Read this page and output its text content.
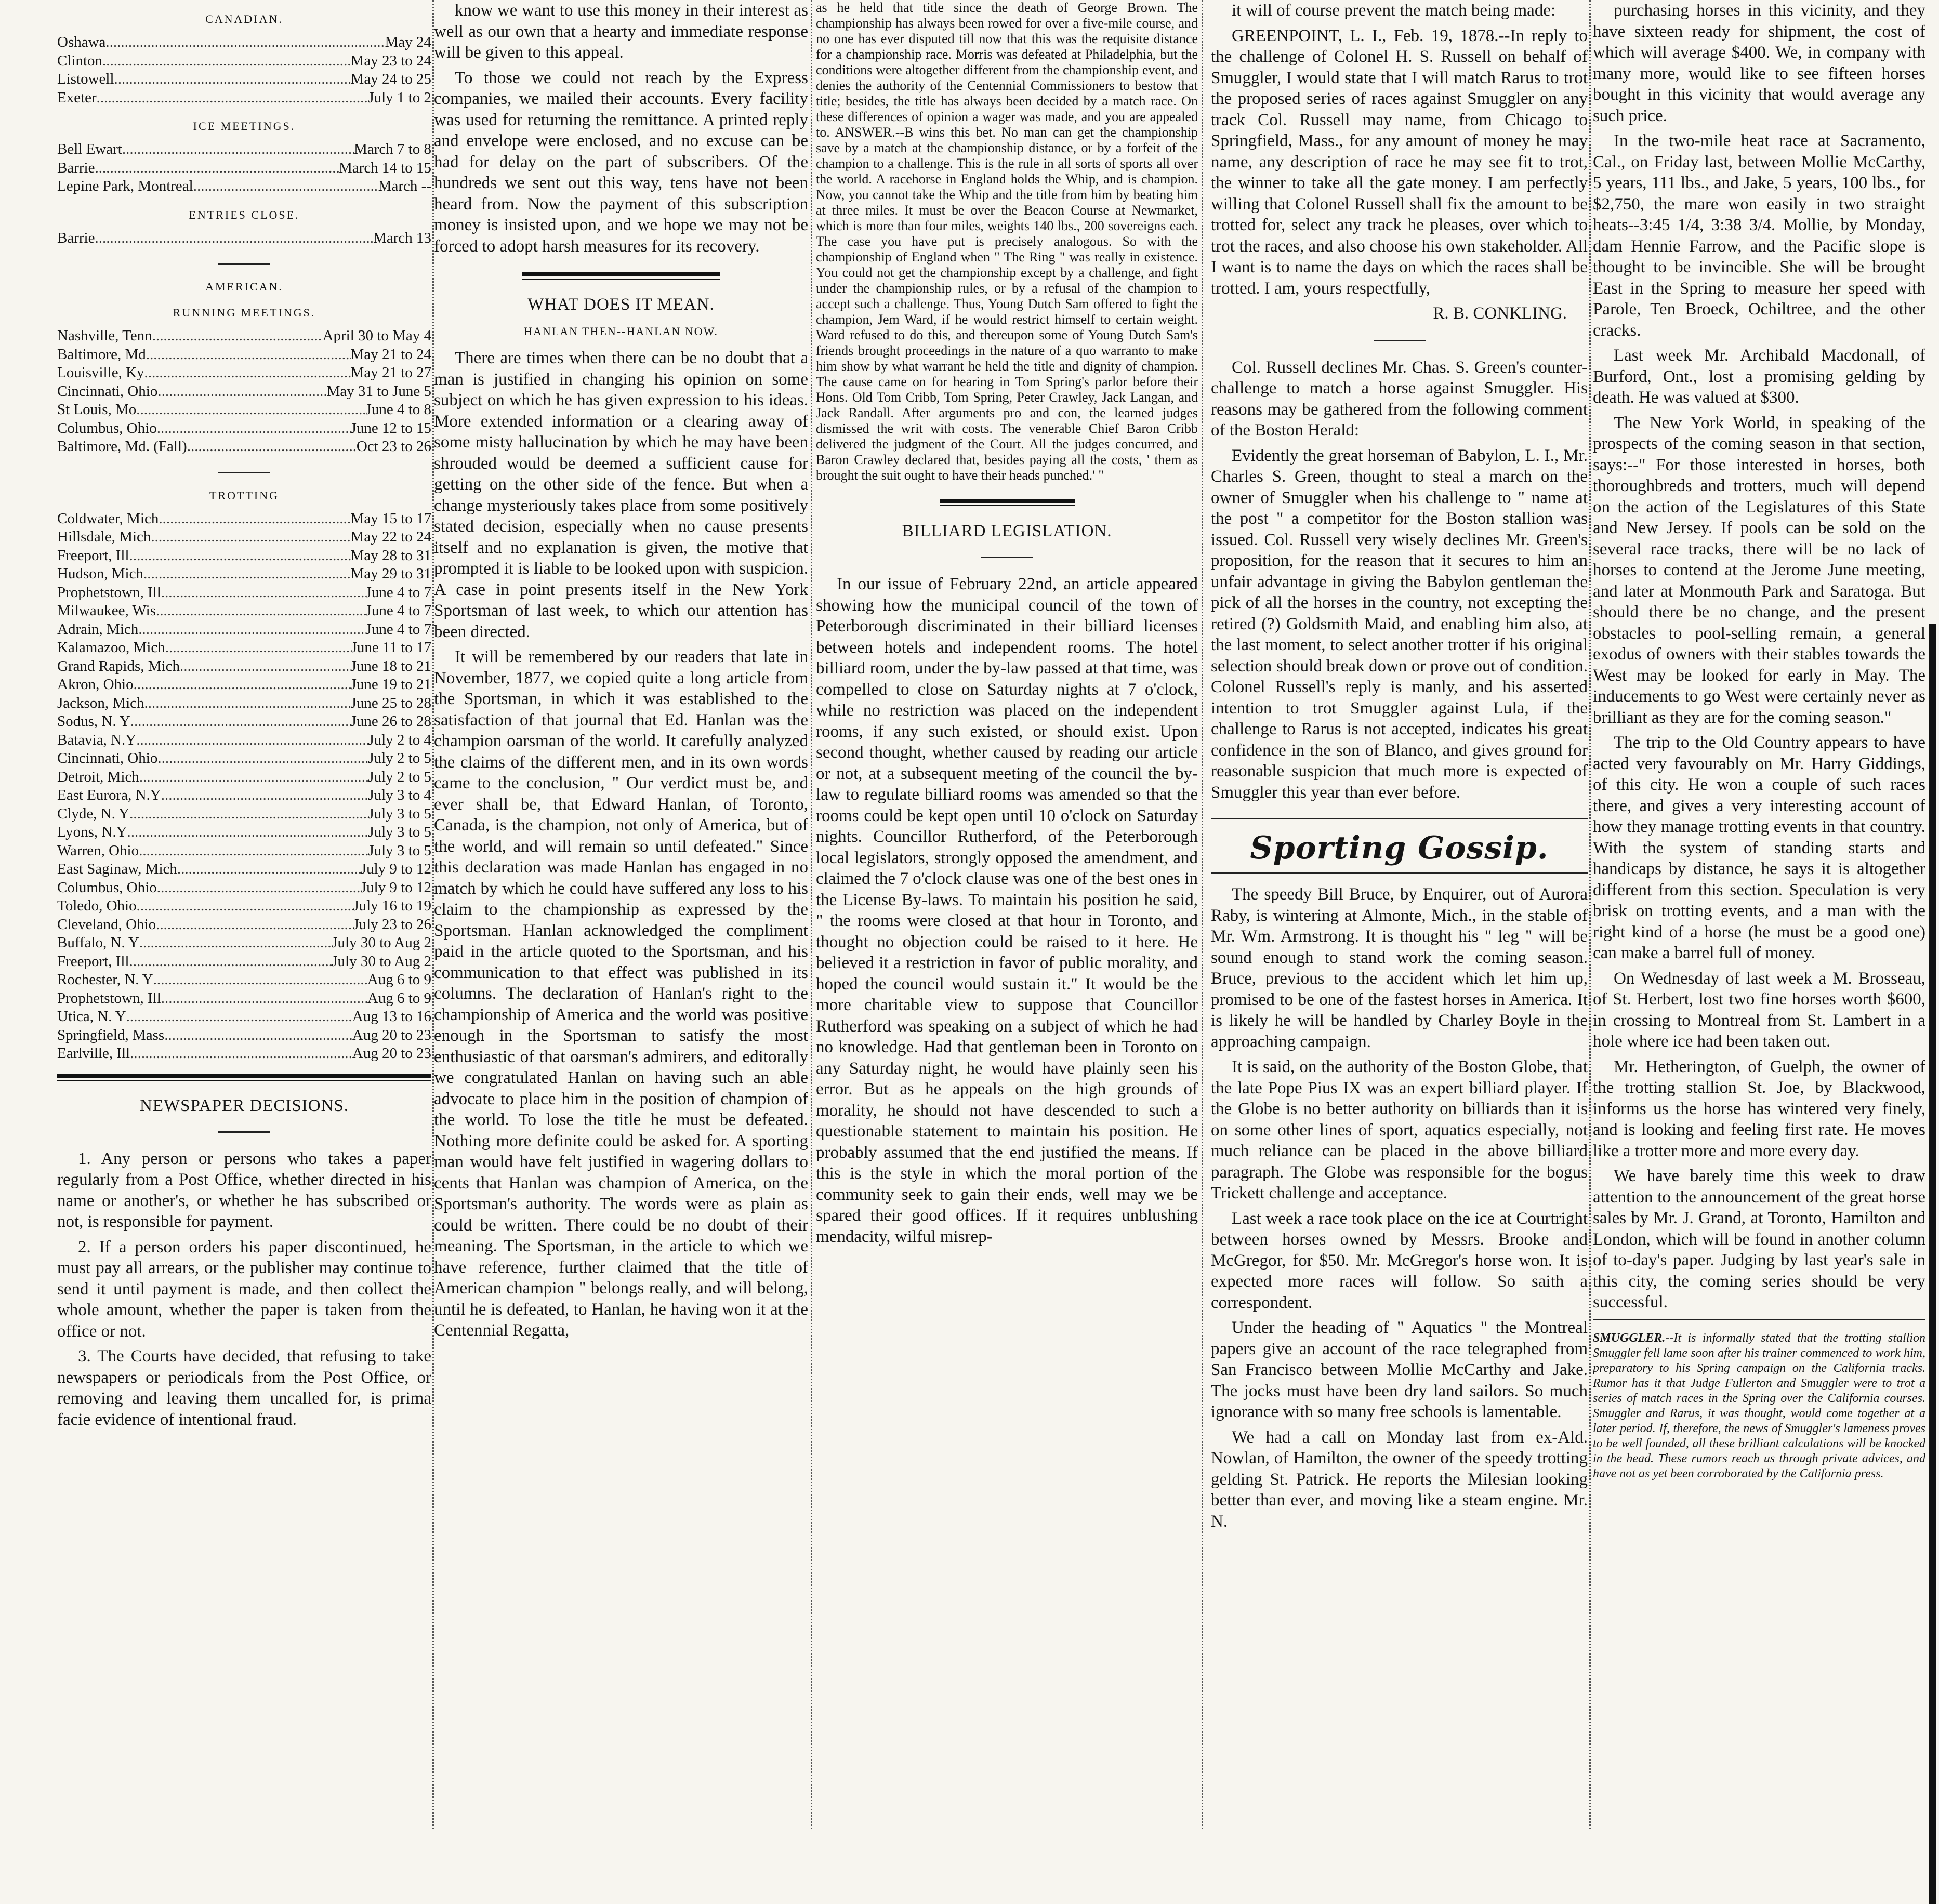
CANADIAN.
Oshawa .....	May 24
Clinton .....	May 23 to 24
Listowell .....	May 24 to 25
Exeter .....	July 1 to 2
ICE MEETINGS.
Bell Ewart .....	March 7 to 8
Barrie .....	March 14 to 15
Lepine Park, Montreal .....	March --
ENTRIES CLOSE.
Barrie .....	March 13
AMERICAN.
RUNNING MEETINGS.
Nashville, Tenn .....	April 30 to May 4
Baltimore, Md .....	May 21 to 24
Louisville, Ky .....	May 21 to 27
Cincinnati, Ohio .....	May 31 to June 5
St Louis, Mo .....	June 4 to 8
Columbus, Ohio .....	June 12 to 15
Baltimore, Md. (Fall) .....	Oct 23 to 26
TROTTING
Coldwater, Mich .....	May 15 to 17
Hillsdale, Mich .....	May 22 to 24
Freeport, Ill .....	May 28 to 31
Hudson, Mich .....	May 29 to 31
Prophetstown, Ill .....	June 4 to 7
Milwaukee, Wis .....	June 4 to 7
Adrain, Mich .....	June 4 to 7
Kalamazoo, Mich .....	June 11 to 17
Grand Rapids, Mich .....	June 18 to 21
Akron, Ohio .....	June 19 to 21
Jackson, Mich .....	June 25 to 28
Sodus, N. Y .....	June 26 to 28
Batavia, N.Y .....	July 2 to 4
Cincinnati, Ohio .....	July 2 to 5
Detroit, Mich .....	July 2 to 5
East Eurora, N.Y .....	July 3 to 4
Clyde, N. Y .....	July 3 to 5
Lyons, N.Y .....	July 3 to 5
Warren, Ohio .....	July 3 to 5
East Saginaw, Mich .....	July 9 to 12
Columbus, Ohio .....	July 9 to 12
Toledo, Ohio .....	July 16 to 19
Cleveland, Ohio .....	July 23 to 26
Buffalo, N. Y .....	July 30 to Aug 2
Freeport, Ill .....	July 30 to Aug 2
Rochester, N. Y .....	Aug 6 to 9
Prophetstown, Ill .....	Aug 6 to 9
Utica, N. Y .....	Aug 13 to 16
Springfield, Mass .....	Aug 20 to 23
Earlville, Ill .....	Aug 20 to 23
NEWSPAPER DECISIONS.

1. Any person or persons who takes a paper regularly from a Post Office, whether directed in his name or another's, or whether he has subscribed or not, is responsible for payment.

2. If a person orders his paper discontinued, he must pay all arrears, or the publisher may continue to send it until payment is made, and then collect the whole amount, whether the paper is taken from the office or not.

3. The Courts have decided, that refusing to take newspapers or periodicals from the Post Office, or removing and leaving them uncalled for, is prima facie evidence of intentional fraud.

know we want to use this money in their interest as well as our own that a hearty and immediate response will be given to this appeal.

To those we could not reach by the Express companies, we mailed their accounts. Every facility was used for returning the remittance. A printed reply and envelope were enclosed, and no excuse can be had for delay on the part of subscribers. Of the hundreds we sent out this way, tens have not been heard from. Now the payment of this subscription money is insisted upon, and we hope we may not be forced to adopt harsh measures for its recovery.

WHAT DOES IT MEAN.
HANLAN THEN--HANLAN NOW.

There are times when there can be no doubt that a man is justified in changing his opinion on some subject on which he has given expression to his ideas. More extended information or a clearing away of some misty hallucination by which he may have been shrouded would be deemed a sufficient cause for getting on the other side of the fence. But when a change mysteriously takes place from some positively stated decision, especially when no cause presents itself and no explanation is given, the motive that prompted it is liable to be looked upon with suspicion. A case in point presents itself in the New York Sportsman of last week, to which our attention has been directed.

It will be remembered by our readers that late in November, 1877, we copied quite a long article from the Sportsman, in which it was established to the satisfaction of that journal that Ed. Hanlan was the champion oarsman of the world. It carefully analyzed the claims of the different men, and in its own words came to the conclusion, " Our verdict must be, and ever shall be, that Edward Hanlan, of Toronto, Canada, is the champion, not only of America, but of the world, and will remain so until defeated." Since this declaration was made Hanlan has engaged in no match by which he could have suffered any loss to his claim to the championship as expressed by the Sportsman. Hanlan acknowledged the compliment paid in the article quoted to the Sportsman, and his communication to that effect was published in its columns. The declaration of Hanlan's right to the championship of America and the world was positive enough in the Sportsman to satisfy the most enthusiastic of that oarsman's admirers, and editorally we congratulated Hanlan on having such an able advocate to place him in the position of champion of the world. To lose the title he must be defeated. Nothing more definite could be asked for. A sporting man would have felt justified in wagering dollars to cents that Hanlan was champion of America, on the Sportsman's authority. The words were as plain as could be written. There could be no doubt of their meaning. The Sportsman, in the article to which we have reference, further claimed that the title of American champion " belongs really, and will belong, until he is defeated, to Hanlan, he having won it at the Centennial Regatta,

as he held that title since the death of George Brown. The championship has always been rowed for over a five-mile course, and no one has ever disputed till now that this was the requisite distance for a championship race. Morris was defeated at Philadelphia, but the conditions were altogether different from the championship event, and denies the authority of the Centennial Commissioners to bestow that title; besides, the title has always been decided by a match race. On these differences of opinion a wager was made, and you are appealed to. ANSWER.--B wins this bet. No man can get the championship save by a match at the championship distance, or by a forfeit of the champion to a challenge. This is the rule in all sorts of sports all over the world. A racehorse in England holds the Whip, and is champion. Now, you cannot take the Whip and the title from him by beating him at three miles. It must be over the Beacon Course at Newmarket, which is more than four miles, weights 140 lbs., 200 sovereigns each. The case you have put is precisely analogous. So with the championship of England when " The Ring " was really in existence. You could not get the championship except by a challenge, and fight under the championship rules, or by a refusal of the champion to accept such a challenge. Thus, Young Dutch Sam offered to fight the champion, Jem Ward, if he would restrict himself to certain weight. Ward refused to do this, and thereupon some of Young Dutch Sam's friends brought proceedings in the nature of a quo warranto to make him show by what warrant he held the title and dignity of champion. The cause came on for hearing in Tom Spring's parlor before their Hons. Old Tom Cribb, Tom Spring, Peter Crawley, Jack Langan, and Jack Randall. After arguments pro and con, the learned judges dismissed the writ with costs. The venerable Chief Baron Cribb delivered the judgment of the Court. All the judges concurred, and Baron Crawley declared that, besides paying all the costs, ' them as brought the suit ought to have their heads punched.' "

BILLIARD LEGISLATION.

In our issue of February 22nd, an article appeared showing how the municipal council of the town of Peterborough discriminated in their billiard licenses between hotels and independent rooms. The hotel billiard room, under the by-law passed at that time, was compelled to close on Saturday nights at 7 o'clock, while no restriction was placed on the independent rooms, if any such existed, or should exist. Upon second thought, whether caused by reading our article or not, at a subsequent meeting of the council the by-law to regulate billiard rooms was amended so that the rooms could be kept open until 10 o'clock on Saturday nights. Councillor Rutherford, of the Peterborough local legislators, strongly opposed the amendment, and claimed the 7 o'clock clause was one of the best ones in the License By-laws. To maintain his position he said, " the rooms were closed at that hour in Toronto, and thought no objection could be raised to it here. He believed it a restriction in favor of public morality, and hoped the council would sustain it." It would be the more charitable view to suppose that Councillor Rutherford was speaking on a subject of which he had no knowledge. Had that gentleman been in Toronto on any Saturday night, he would have plainly seen his error. But as he appeals on the high grounds of morality, he should not have descended to such a questionable statement to maintain his position. He probably assumed that the end justified the means. If this is the style in which the moral portion of the community seek to gain their ends, well may we be spared their good offices. If it requires unblushing mendacity, wilful misrep-

it will of course prevent the match being made:

GREENPOINT, L. I., Feb. 19, 1878.--In reply to the challenge of Colonel H. S. Russell on behalf of Smuggler, I would state that I will match Rarus to trot the proposed series of races against Smuggler on any track Col. Russell may name, from Chicago to Springfield, Mass., for any amount of money he may name, any description of race he may see fit to trot, the winner to take all the gate money. I am perfectly willing that Colonel Russell shall fix the amount to be trotted for, select any track he pleases, over which to trot the races, and also choose his own stakeholder. All I want is to name the days on which the races shall be trotted. I am, yours respectfully,

R. B. CONKLING.

Col. Russell declines Mr. Chas. S. Green's counter-challenge to match a horse against Smuggler. His reasons may be gathered from the following comment of the Boston Herald:

Evidently the great horseman of Babylon, L. I., Mr. Charles S. Green, thought to steal a march on the owner of Smuggler when his challenge to " name at the post " a competitor for the Boston stallion was issued. Col. Russell very wisely declines Mr. Green's proposition, for the reason that it secures to him an unfair advantage in giving the Babylon gentleman the pick of all the horses in the country, not excepting the retired (?) Goldsmith Maid, and enabling him also, at the last moment, to select another trotter if his original selection should break down or prove out of condition. Colonel Russell's reply is manly, and his asserted intention to trot Smuggler against Lula, if the challenge to Rarus is not accepted, indicates his great confidence in the son of Blanco, and gives ground for reasonable suspicion that much more is expected of Smuggler this year than ever before.

Sporting Gossip.

The speedy Bill Bruce, by Enquirer, out of Aurora Raby, is wintering at Almonte, Mich., in the stable of Mr. Wm. Armstrong. It is thought his " leg " will be sound enough to stand work the coming season. Bruce, previous to the accident which let him up, promised to be one of the fastest horses in America. It is likely he will be handled by Charley Boyle in the approaching campaign.

It is said, on the authority of the Boston Globe, that the late Pope Pius IX was an expert billiard player. If the Globe is no better authority on billiards than it is on some other lines of sport, aquatics especially, not much reliance can be placed in the above billiard paragraph. The Globe was responsible for the bogus Trickett challenge and acceptance.

Last week a race took place on the ice at Courtright between horses owned by Messrs. Brooke and McGregor, for $50. Mr. McGregor's horse won. It is expected more races will follow. So saith a correspondent.

Under the heading of " Aquatics " the Montreal papers give an account of the race telegraphed from San Francisco between Mollie McCarthy and Jake. The jocks must have been dry land sailors. So much ignorance with so many free schools is lamentable.

We had a call on Monday last from ex-Ald. Nowlan, of Hamilton, the owner of the speedy trotting gelding St. Patrick. He reports the Milesian looking better than ever, and moving like a steam engine. Mr. N.

purchasing horses in this vicinity, and they have sixteen ready for shipment, the cost of which will average $400. We, in company with many more, would like to see fifteen horses bought in this vicinity that would average any such price.

In the two-mile heat race at Sacramento, Cal., on Friday last, between Mollie McCarthy, 5 years, 111 lbs., and Jake, 5 years, 100 lbs., for $2,750, the mare won easily in two straight heats--3:45 1/4, 3:38 3/4. Mollie, by Monday, dam Hennie Farrow, and the Pacific slope is thought to be invincible. She will be brought East in the Spring to measure her speed with Parole, Ten Broeck, Ochiltree, and the other cracks.

Last week Mr. Archibald Macdonall, of Burford, Ont., lost a promising gelding by death. He was valued at $300.

The New York World, in speaking of the prospects of the coming season in that section, says:--" For those interested in horses, both thoroughbreds and trotters, much will depend on the action of the Legislatures of this State and New Jersey. If pools can be sold on the several race tracks, there will be no lack of horses to contend at the Jerome June meeting, and later at Monmouth Park and Saratoga. But should there be no change, and the present obstacles to pool-selling remain, a general exodus of owners with their stables towards the West may be looked for early in May. The inducements to go West were certainly never as brilliant as they are for the coming season."

The trip to the Old Country appears to have acted very favourably on Mr. Harry Giddings, of this city. He won a couple of such races there, and gives a very interesting account of how they manage trotting events in that country. With the system of standing starts and handicaps by distance, he says it is altogether different from this section. Speculation is very brisk on trotting events, and a man with the right kind of a horse (he must be a good one) can make a barrel full of money.

On Wednesday of last week a M. Brosseau, of St. Herbert, lost two fine horses worth $600, in crossing to Montreal from St. Lambert in a hole where ice had been taken out.

Mr. Hetherington, of Guelph, the owner of the trotting stallion St. Joe, by Blackwood, informs us the horse has wintered very finely, and is looking and feeling first rate. He moves like a trotter more and more every day.

We have barely time this week to draw attention to the announcement of the great horse sales by Mr. J. Grand, at Toronto, Hamilton and London, which will be found in another column of to-day's paper. Judging by last year's sale in this city, the coming series should be very successful.

SMUGGLER.--It is informally stated that the trotting stallion Smuggler fell lame soon after his trainer commenced to work him, preparatory to his Spring campaign on the California tracks. Rumor has it that Judge Fullerton and Smuggler were to trot a series of match races in the Spring over the California courses. Smuggler and Rarus, it was thought, would come together at a later period. If, therefore, the news of Smuggler's lameness proves to be well founded, all these brilliant calculations will be knocked in the head. These rumors reach us through private advices, and have not as yet been corroborated by the California press.
